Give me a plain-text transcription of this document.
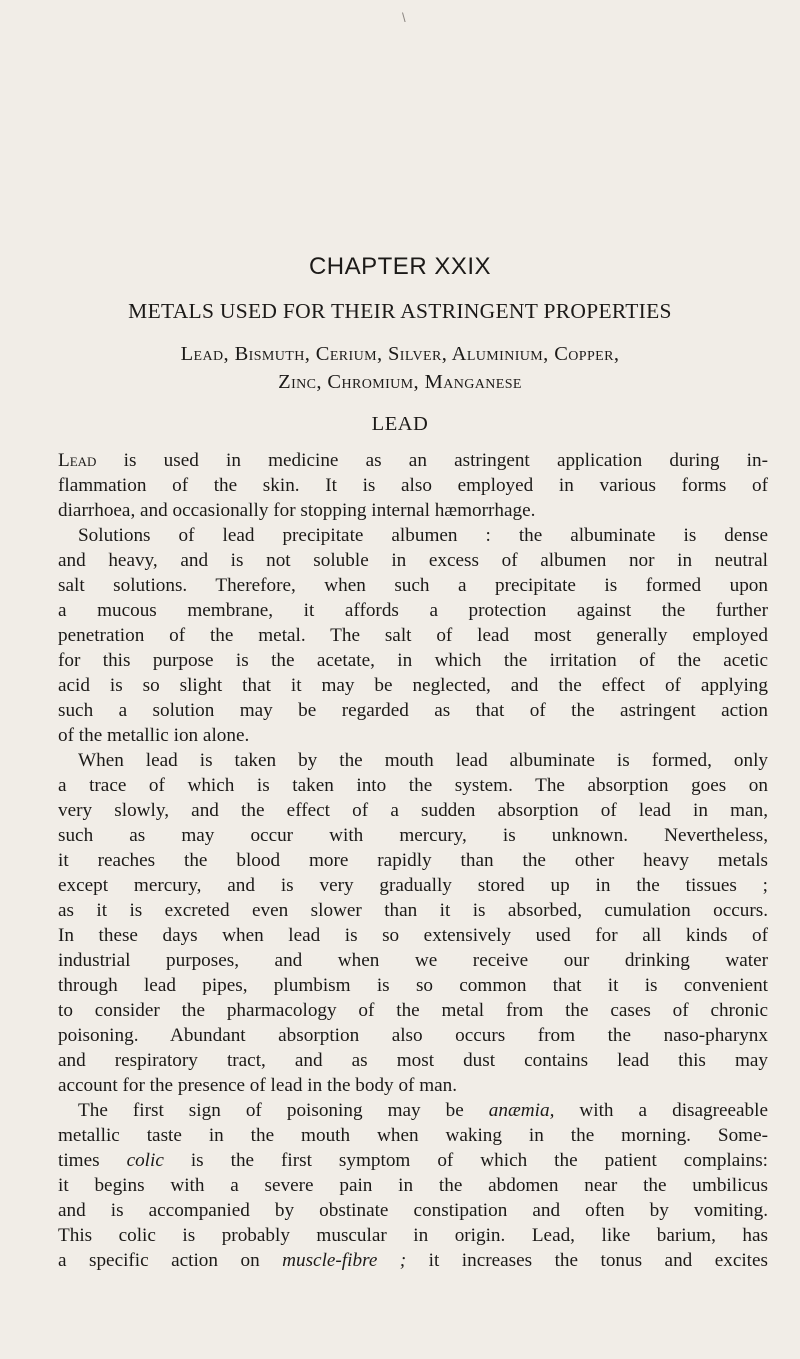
\
CHAPTER XXIX
METALS USED FOR THEIR ASTRINGENT PROPERTIES

Lead, Bismuth, Cerium, Silver, Aluminium, Copper,

Zinc, Chromium, Manganese

LEAD
Lead is used in medicine as an astringent application during in-
flammation of the skin. It is also employed in various forms of
diarrhoea, and occasionally for stopping internal hæmorrhage.
Solutions of lead precipitate albumen : the albuminate is dense
and heavy, and is not soluble in excess of albumen nor in neutral
salt solutions. Therefore, when such a precipitate is formed upon
a mucous membrane, it affords a protection against the further
penetration of the metal. The salt of lead most generally employed
for this purpose is the acetate, in which the irritation of the acetic
acid is so slight that it may be neglected, and the effect of applying
such a solution may be regarded as that of the astringent action
of the metallic ion alone.
When lead is taken by the mouth lead albuminate is formed, only
a trace of which is taken into the system. The absorption goes on
very slowly, and the effect of a sudden absorption of lead in man,
such as may occur with mercury, is unknown. Nevertheless,
it reaches the blood more rapidly than the other heavy metals
except mercury, and is very gradually stored up in the tissues ;
as it is excreted even slower than it is absorbed, cumulation occurs.
In these days when lead is so extensively used for all kinds of
industrial purposes, and when we receive our drinking water
through lead pipes, plumbism is so common that it is convenient
to consider the pharmacology of the metal from the cases of chronic
poisoning. Abundant absorption also occurs from the naso-pharynx
and respiratory tract, and as most dust contains lead this may
account for the presence of lead in the body of man.
The first sign of poisoning may be anæmia, with a disagreeable
metallic taste in the mouth when waking in the morning. Some-
times colic is the first symptom of which the patient complains:
it begins with a severe pain in the abdomen near the umbilicus
and is accompanied by obstinate constipation and often by vomiting.
This colic is probably muscular in origin. Lead, like barium, has
a specific action on muscle-fibre ; it increases the tonus and excites
